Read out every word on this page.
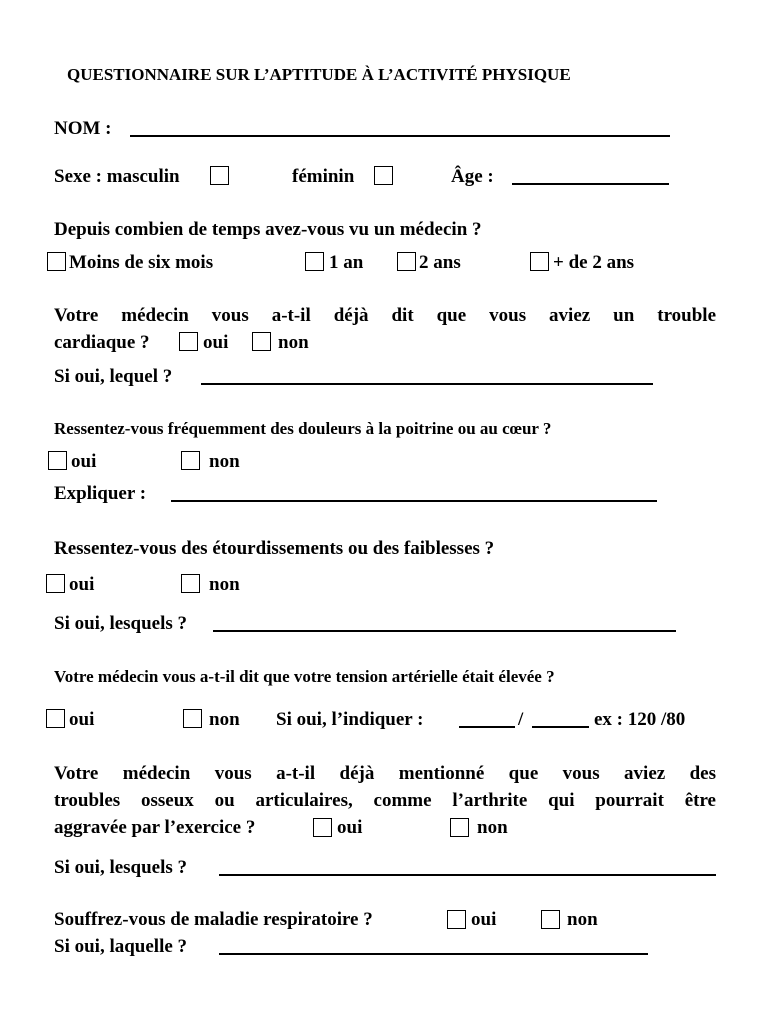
QUESTIONNAIRE SUR L’APTITUDE À L’ACTIVITÉ PHYSIQUE
NOM :
Sexe : masculin	féminin	Âge :
Depuis combien de temps avez-vous vu un médecin ?
Moins de six mois	1 an	2 ans	+ de 2 ans
Votre médecin vous a-t-il déjà dit que vous aviez un trouble
cardiaque ?	oui	non
Si oui, lequel ?
Ressentez-vous fréquemment des douleurs à la poitrine ou au cœur ?
oui	non
Expliquer :
Ressentez-vous des étourdissements ou des faiblesses ?
oui	non
Si oui, lesquels ?
Votre médecin vous a-t-il dit que votre tension artérielle était élevée ?
oui	non Si oui, l’indiquer :	/	ex : 120 /80
Votre médecin vous a-t-il déjà mentionné que vous aviez des
troubles osseux ou articulaires, comme l’arthrite qui pourrait être
aggravée par l’exercice ?	oui	non
Si oui, lesquels ?
Souffrez-vous de maladie respiratoire ?	oui	non
Si oui, laquelle ?
